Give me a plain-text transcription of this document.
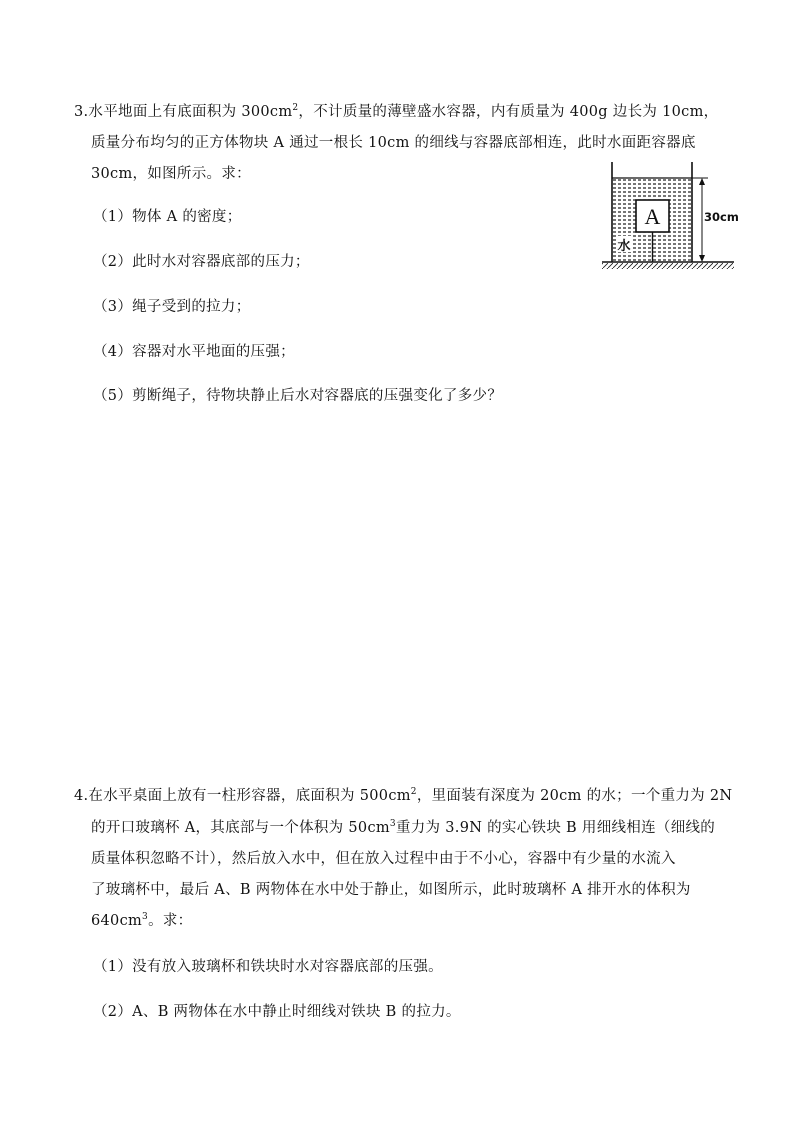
3.水平地面上有底面积为 $300cm^2$，不计质量的薄壁盛水容器，内有质量为 400g 边长为 10cm，
质量分布均匀的正方体物块 A 通过一根长 10cm 的细线与容器底部相连，此时水面距容器底
30cm，如图所示。求：
（1）物体 A 的密度；
（2）此时水对容器底部的压力；
（3）绳子受到的拉力；
（4）容器对水平地面的压强；
（5）剪断绳子，待物块静止后水对容器底的压强变化了多少？
A
水
30cm
4.在水平桌面上放有一柱形容器，底面积为 $500cm^2$，里面装有深度为 20cm 的水；一个重力为 2N
的开口玻璃杯 A，其底部与一个体积为 $50cm^3$重力为 3.9N 的实心铁块 B 用细线相连（细线的
质量体积忽略不计），然后放入水中，但在放入过程中由于不小心，容器中有少量的水流入
了玻璃杯中，最后 A、B 两物体在水中处于静止，如图所示，此时玻璃杯 A 排开水的体积为
$640cm^3$。求：
（1）没有放入玻璃杯和铁块时水对容器底部的压强。
（2）A、B 两物体在水中静止时细线对铁块 B 的拉力。
